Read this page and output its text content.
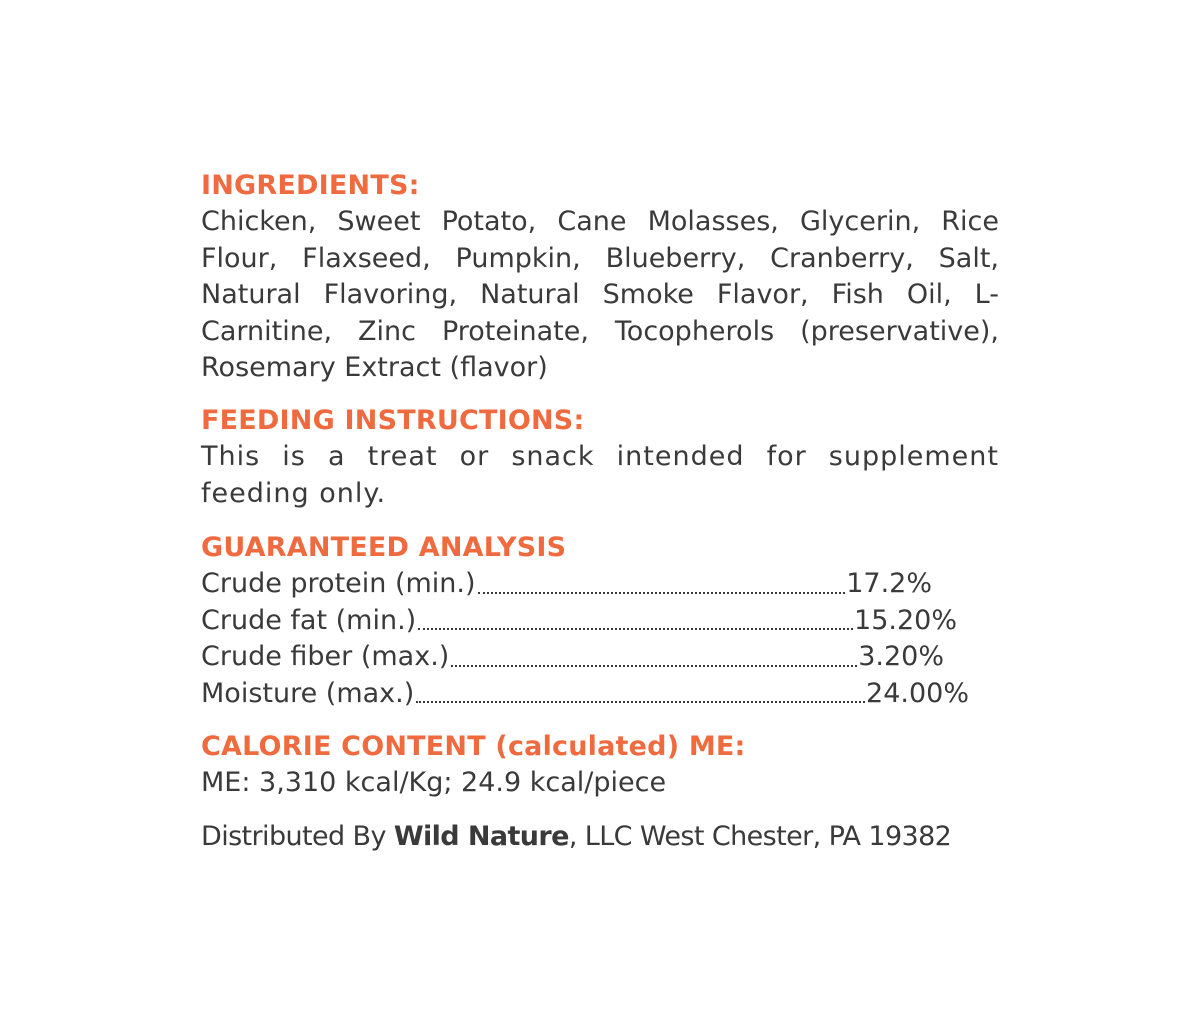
INGREDIENTS:

Chicken, Sweet Potato, Cane Molasses, Glycerin, Rice Flour, Flaxseed, Pumpkin, Blueberry, Cranberry, Salt, Natural Flavoring, Natural Smoke Flavor, Fish Oil, L-Carnitine, Zinc Proteinate, Tocopherols (preservative), Rosemary Extract (flavor)

FEEDING INSTRUCTIONS:

This is a treat or snack intended for supplement feeding only.

GUARANTEED ANALYSIS
Crude protein (min.)	17.2%
Crude fat (min.)	15.20%
Crude fiber (max.)	3.20%
Moisture (max.)	24.00%
CALORIE CONTENT (calculated) ME:

ME: 3,310 kcal/Kg; 24.9 kcal/piece

Distributed By Wild Nature, LLC West Chester, PA 19382
